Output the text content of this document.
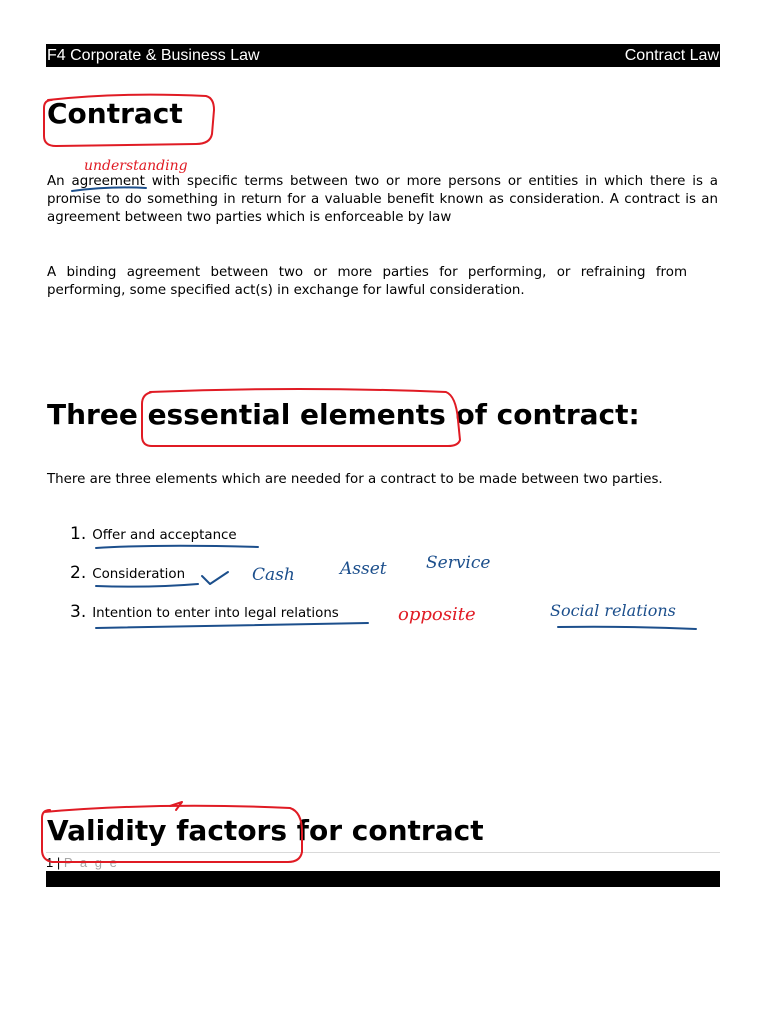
F4 Corporate & Business Law	Contract Law
Contract
An agreement with specific terms between two or more persons or entities in which there is a promise to do something in return for a valuable benefit known as consideration. A contract is an agreement between two parties which is enforceable by law
A binding agreement between two or more parties for performing, or refraining from performing, some specified act(s) in exchange for lawful consideration.
Three essential elements of contract:
There are three elements which are needed for a contract to be made between two parties.
1. Offer and acceptance
2. Consideration
3. Intention to enter into legal relations
Validity factors for contract
1 | P a g e
understanding
Cash	Asset Service
opposite	Social relations
